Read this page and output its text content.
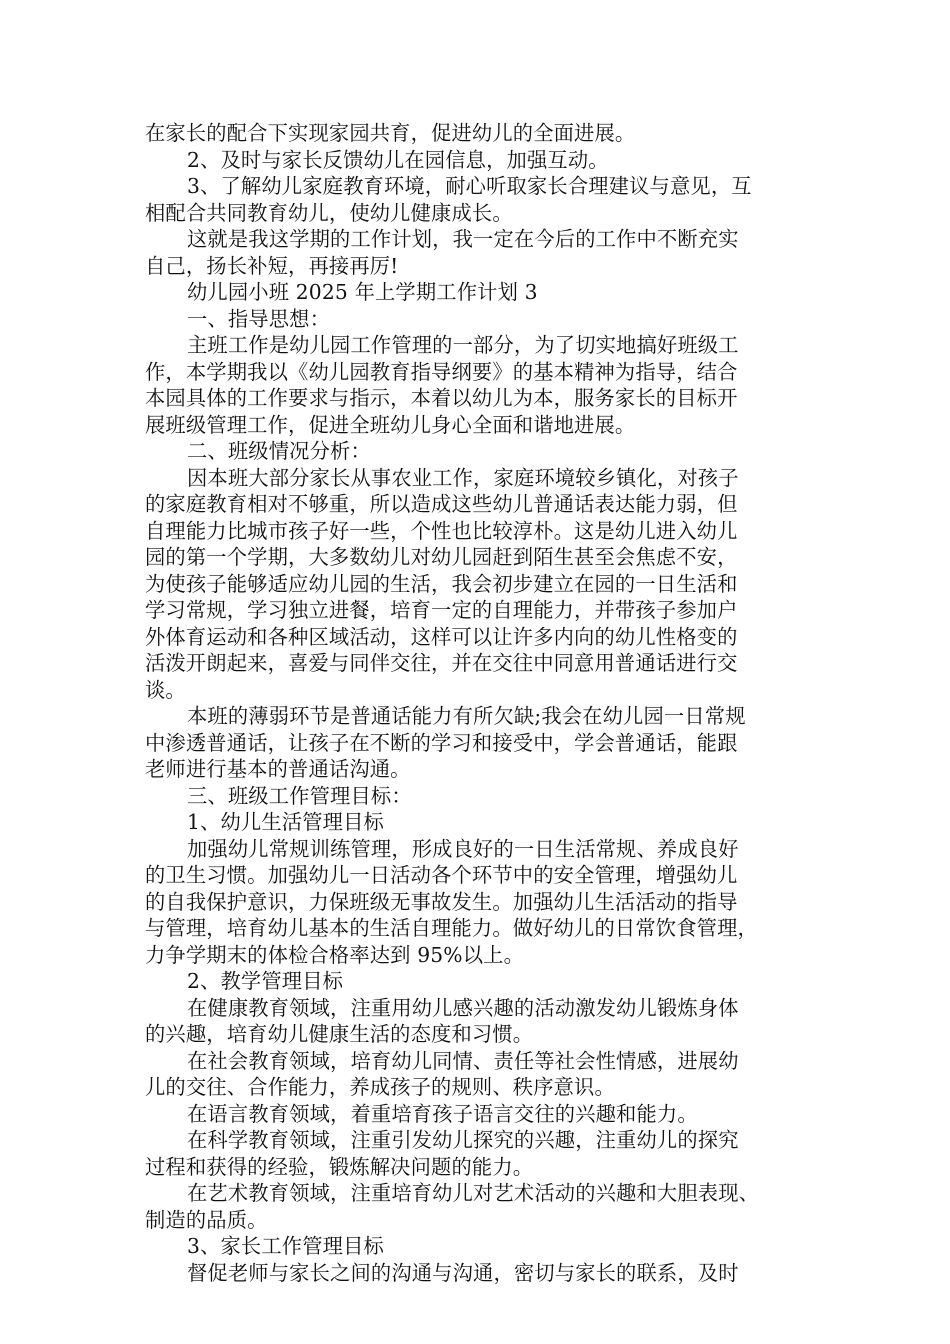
在家长的配合下实现家园共育，促进幼儿的全面进展。
2、及时与家长反馈幼儿在园信息，加强互动。
3、了解幼儿家庭教育环境，耐心听取家长合理建议与意见，互
相配合共同教育幼儿，使幼儿健康成长。
这就是我这学期的工作计划，我一定在今后的工作中不断充实
自己，扬长补短，再接再厉!
幼儿园小班 2025 年上学期工作计划 3
一、指导思想：
主班工作是幼儿园工作管理的一部分，为了切实地搞好班级工
作，本学期我以《幼儿园教育指导纲要》的基本精神为指导，结合
本园具体的工作要求与指示，本着以幼儿为本，服务家长的目标开
展班级管理工作，促进全班幼儿身心全面和谐地进展。
二、班级情况分析：
因本班大部分家长从事农业工作，家庭环境较乡镇化，对孩子
的家庭教育相对不够重，所以造成这些幼儿普通话表达能力弱，但
自理能力比城市孩子好一些，个性也比较淳朴。这是幼儿进入幼儿
园的第一个学期，大多数幼儿对幼儿园赶到陌生甚至会焦虑不安，
为使孩子能够适应幼儿园的生活，我会初步建立在园的一日生活和
学习常规，学习独立进餐，培育一定的自理能力，并带孩子参加户
外体育运动和各种区域活动，这样可以让许多内向的幼儿性格变的
活泼开朗起来，喜爱与同伴交往，并在交往中同意用普通话进行交
谈。
本班的薄弱环节是普通话能力有所欠缺;我会在幼儿园一日常规
中渗透普通话，让孩子在不断的学习和接受中，学会普通话，能跟
老师进行基本的普通话沟通。
三、班级工作管理目标：
1、幼儿生活管理目标
加强幼儿常规训练管理，形成良好的一日生活常规、养成良好
的卫生习惯。加强幼儿一日活动各个环节中的安全管理，增强幼儿
的自我保护意识，力保班级无事故发生。加强幼儿生活活动的指导
与管理，培育幼儿基本的生活自理能力。做好幼儿的日常饮食管理，
力争学期末的体检合格率达到 95%以上。
2、教学管理目标
在健康教育领域，注重用幼儿感兴趣的活动激发幼儿锻炼身体
的兴趣，培育幼儿健康生活的态度和习惯。
在社会教育领域，培育幼儿同情、责任等社会性情感，进展幼
儿的交往、合作能力，养成孩子的规则、秩序意识。
在语言教育领域，着重培育孩子语言交往的兴趣和能力。
在科学教育领域，注重引发幼儿探究的兴趣，注重幼儿的探究
过程和获得的经验，锻炼解决问题的能力。
在艺术教育领域，注重培育幼儿对艺术活动的兴趣和大胆表现、
制造的品质。
3、家长工作管理目标
督促老师与家长之间的沟通与沟通，密切与家长的联系，及时
